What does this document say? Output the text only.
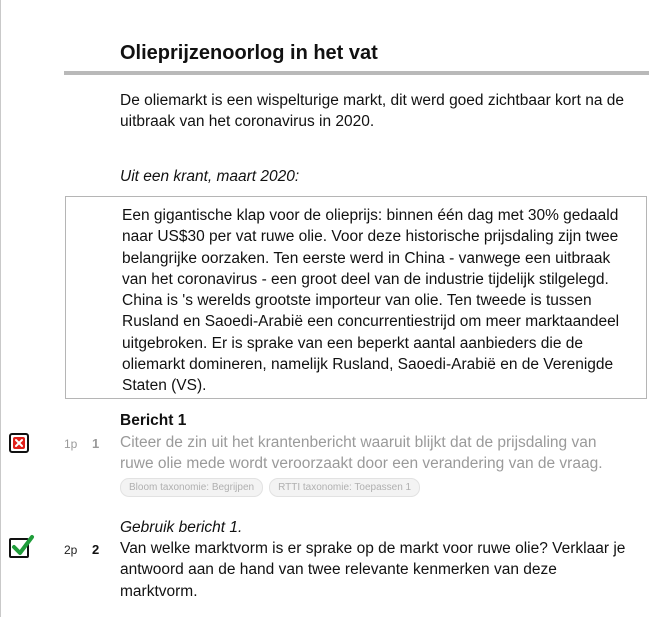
Olieprijzenoorlog in het vat
De oliemarkt is een wispelturige markt, dit werd goed zichtbaar kort na de uitbraak van het coronavirus in 2020.
Uit een krant, maart 2020:

Een gigantische klap voor de olieprijs: binnen één dag met 30% gedaald naar US$30 per vat ruwe olie. Voor deze historische prijsdaling zijn twee belangrijke oorzaken. Ten eerste werd in China - vanwege een uitbraak van het coronavirus - een groot deel van de industrie tijdelijk stilgelegd. China is 's werelds grootste importeur van olie. Ten tweede is tussen Rusland en Saoedi-Arabië een concurrentiestrijd om meer marktaandeel uitgebroken. Er is sprake van een beperkt aantal aanbieders die de oliemarkt domineren, namelijk Rusland, Saoedi-Arabië en de Verenigde Staten (VS).

Bericht 1
1p 1 Citeer de zin uit het krantenbericht waaruit blijkt dat de prijsdaling van ruwe olie mede wordt veroorzaakt door een verandering van de vraag.
Bloom taxonomie: Begrijpen	RTTI taxonomie: Toepassen 1
Gebruik bericht 1.
2p 2 Van welke marktvorm is er sprake op de markt voor ruwe olie? Verklaar je antwoord aan de hand van twee relevante kenmerken van deze marktvorm.
